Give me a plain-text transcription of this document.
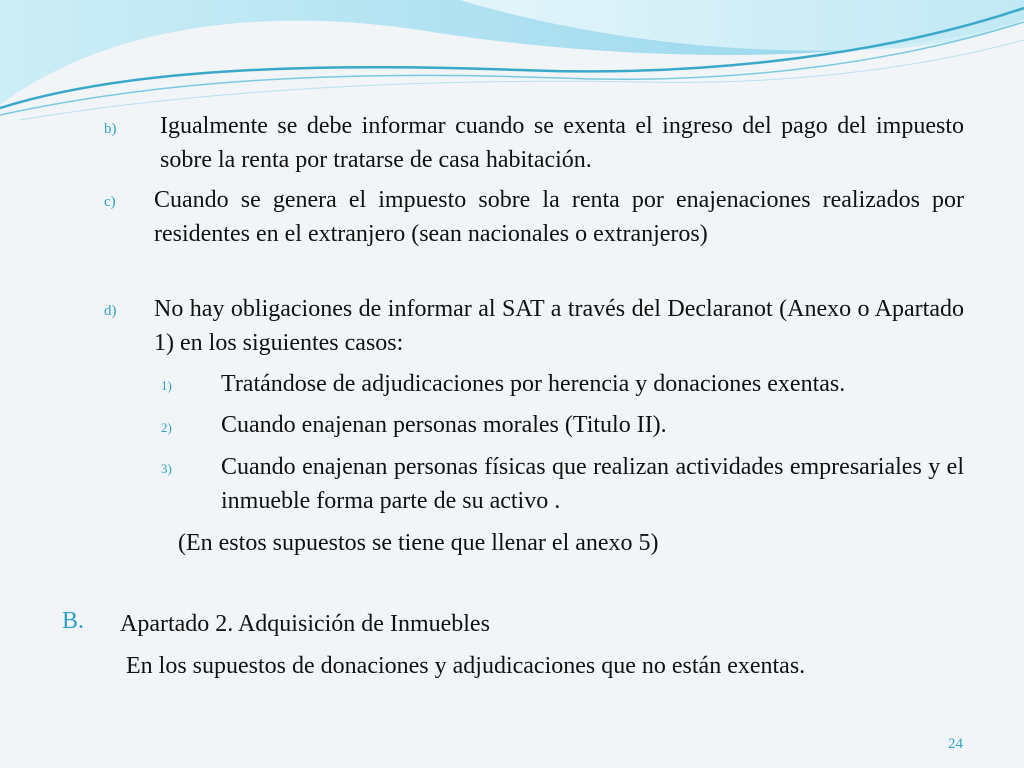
b) Igualmente se debe informar cuando se exenta el ingreso del pago del impuesto sobre la renta por tratarse de casa habitación.

c) Cuando se genera el impuesto sobre la renta por enajenaciones realizados por residentes en el extranjero (sean nacionales o extranjeros)

d) No hay obligaciones de informar al SAT a través del Declaranot (Anexo o Apartado 1) en los siguientes casos:

1) Tratándose de adjudicaciones por herencia y donaciones exentas.

2) Cuando enajenan personas morales (Titulo II).

3) Cuando enajenan personas físicas que realizan actividades empresariales y el inmueble forma parte de su activo .

(En estos supuestos se tiene que llenar el anexo 5)

B. Apartado 2. Adquisición de Inmuebles

En los supuestos de donaciones y adjudicaciones que no están exentas.

24
